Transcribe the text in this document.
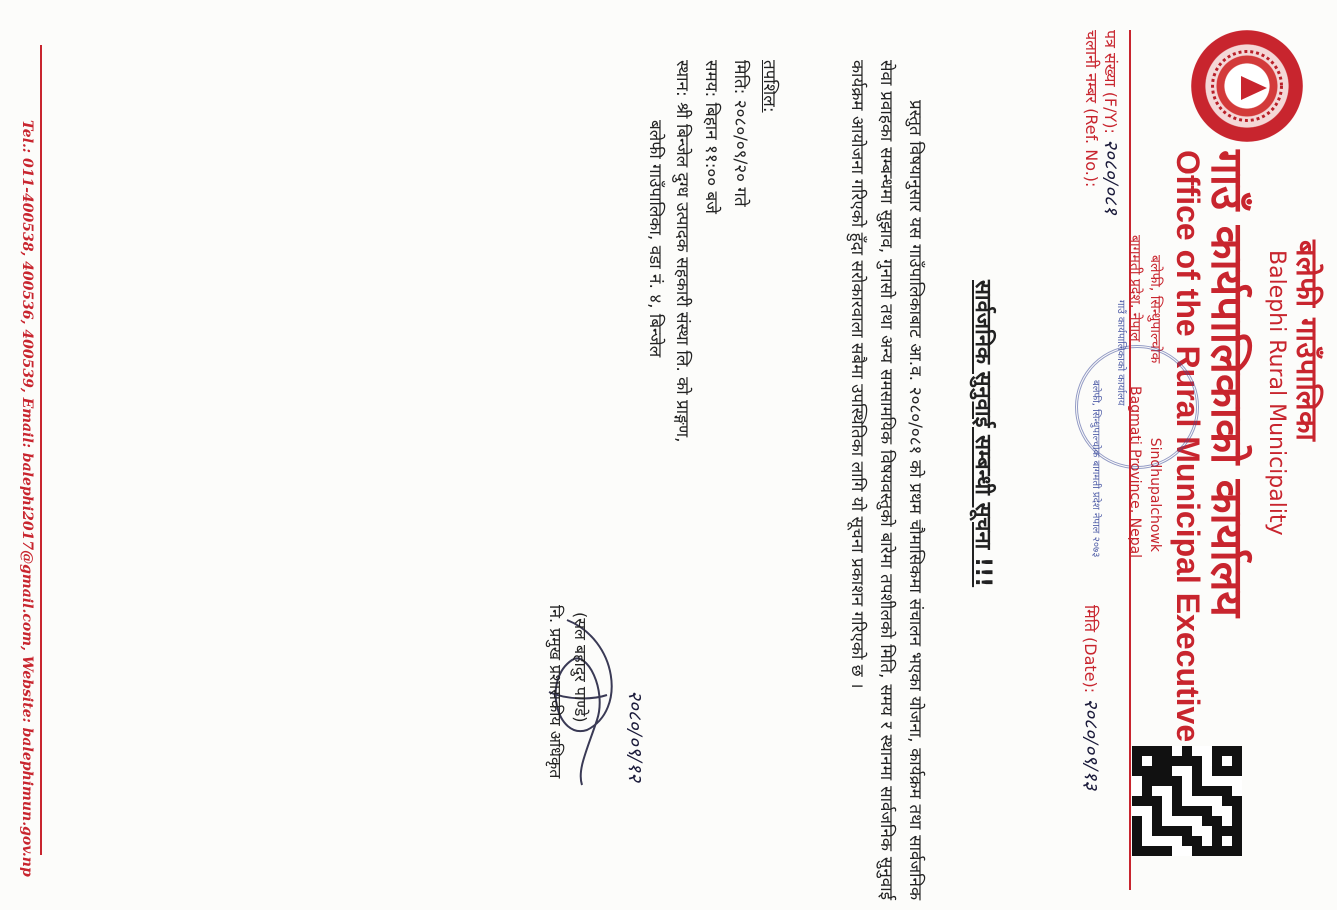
बलेफी गाउँपालिका
Balephi Rural Municipality
गाउँ कार्यपालिकाको कार्यालय
Office of the Rural Municipal Executive
बलेफी, सिन्धुपाल्चोक Sindhupalchowk
बागमती प्रदेश, नेपाल Bagmati Province, Nepal
गाउँ कार्यपालिकाको कार्यालय
बलेफी, सिन्धुपाल्चोक बागमती प्रदेश नेपाल २०७३
पत्र संख्या (F/Y): २०८०/०८१
चलानी नम्बर (Ref. No.):
मिति (Date): २०८०/०९/१३
सार्वजनिक सुनुवाई सम्बन्धी सूचना !!!
प्रस्तुत विषयानुसार यस गाउँपालिकाबाट आ.व. २०८०/०८१ को प्रथम चौमासिकमा संचालन भएका योजना, कार्यक्रम तथा सार्वजनिक सेवा प्रवाहका सम्बन्धमा सुझाव, गुनासो तथा अन्य समसामयिक विषयवस्तुको बारेमा तपशीलको मिति, समय र स्थानमा सार्वजनिक सुनुवाई कार्यक्रम आयोजना गरिएको हुँदा सरोकारवाला सबैमा उपस्थितिका लागि यो सूचना प्रकाशन गरिएको छ ।
तपशिल:
मिति: २०८०/०९/२० गते
समय: बिहान ११:०० बजे
स्थान: श्री बिन्जेल दुग्ध उत्पादक सहकारी संस्था लि. को प्राङ्गण,
बलेफी गाउँपालिका, वडा नं. ४, बिन्जेल
२०८०/०९/१२
(सल बहादुर पाण्डे)
नि. प्रमुख प्रशासकीय अधिकृत
Tel.: 011-400538, 400536, 400539, Email: balephi2017@gmail.com, Website: balephimun.gov.np
